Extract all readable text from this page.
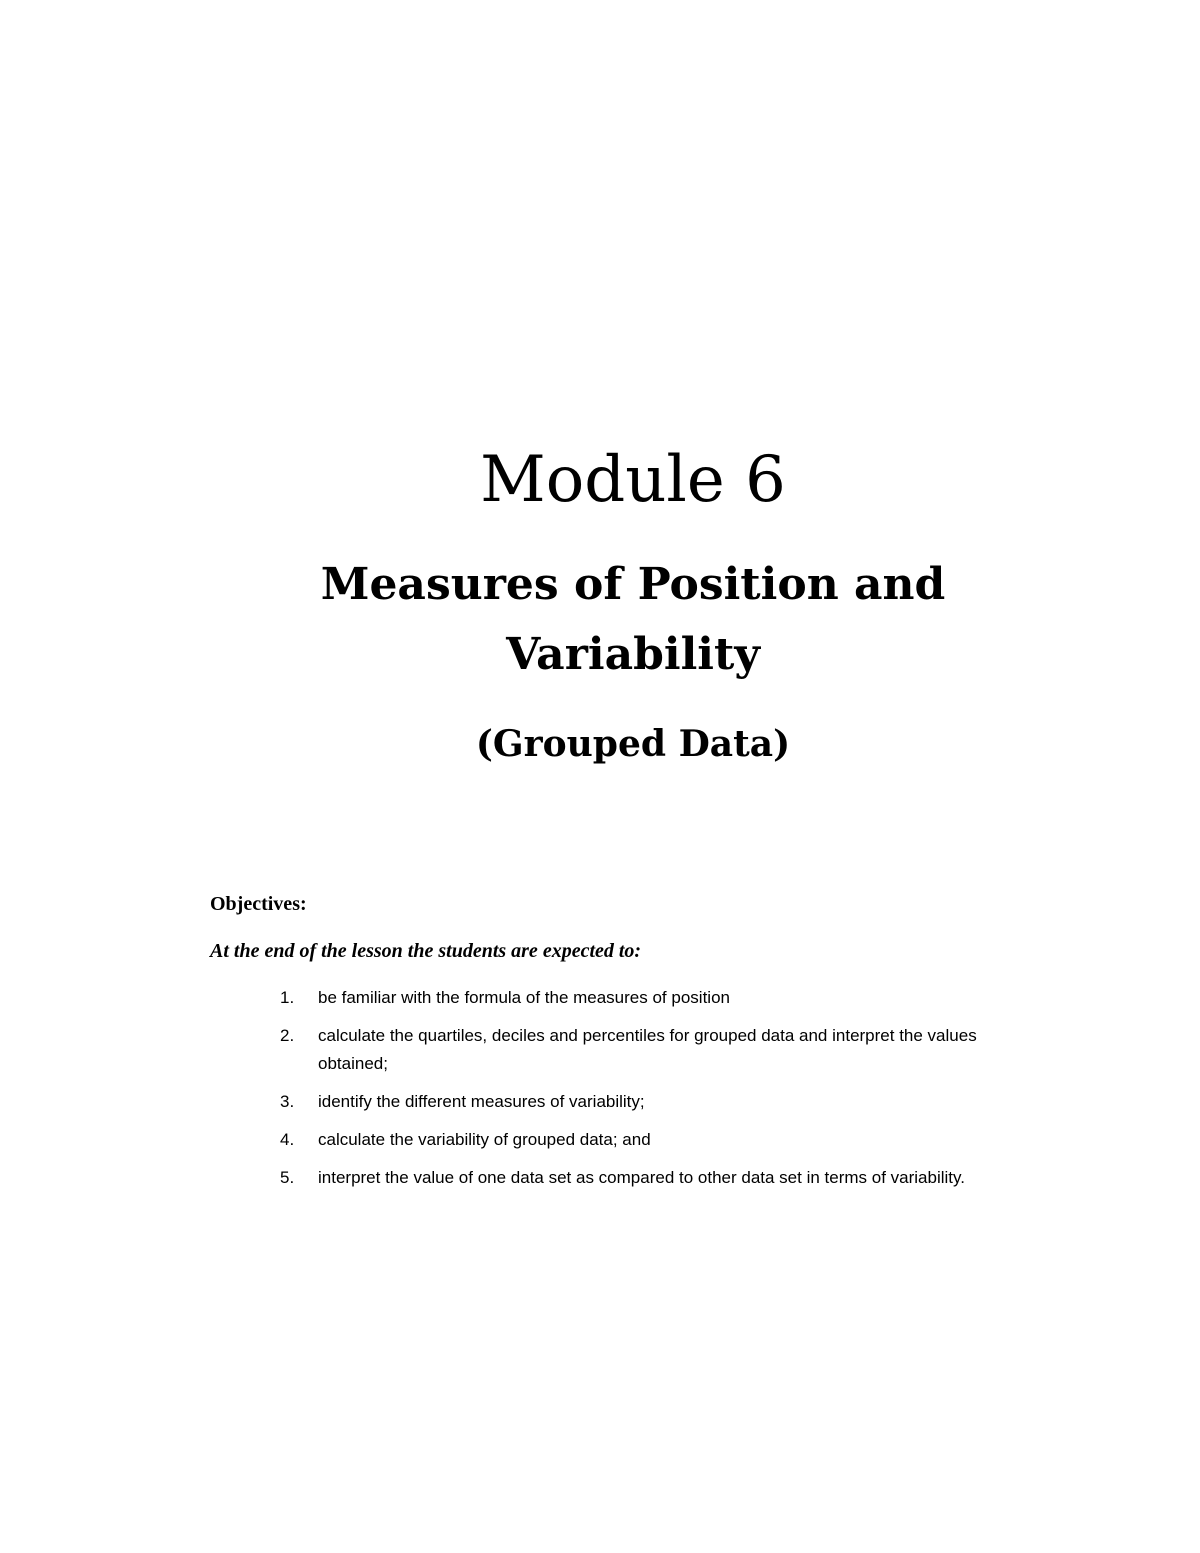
Module 6
Measures of Position and
Variability
(Grouped Data)

Objectives:

At the end of the lesson the students are expected to:

1. be familiar with the formula of the measures of position
2. calculate the quartiles, deciles and percentiles for grouped data and interpret the values obtained;
3. identify the different measures of variability;
4. calculate the variability of grouped data; and
5. interpret the value of one data set as compared to other data set in terms of variability.
